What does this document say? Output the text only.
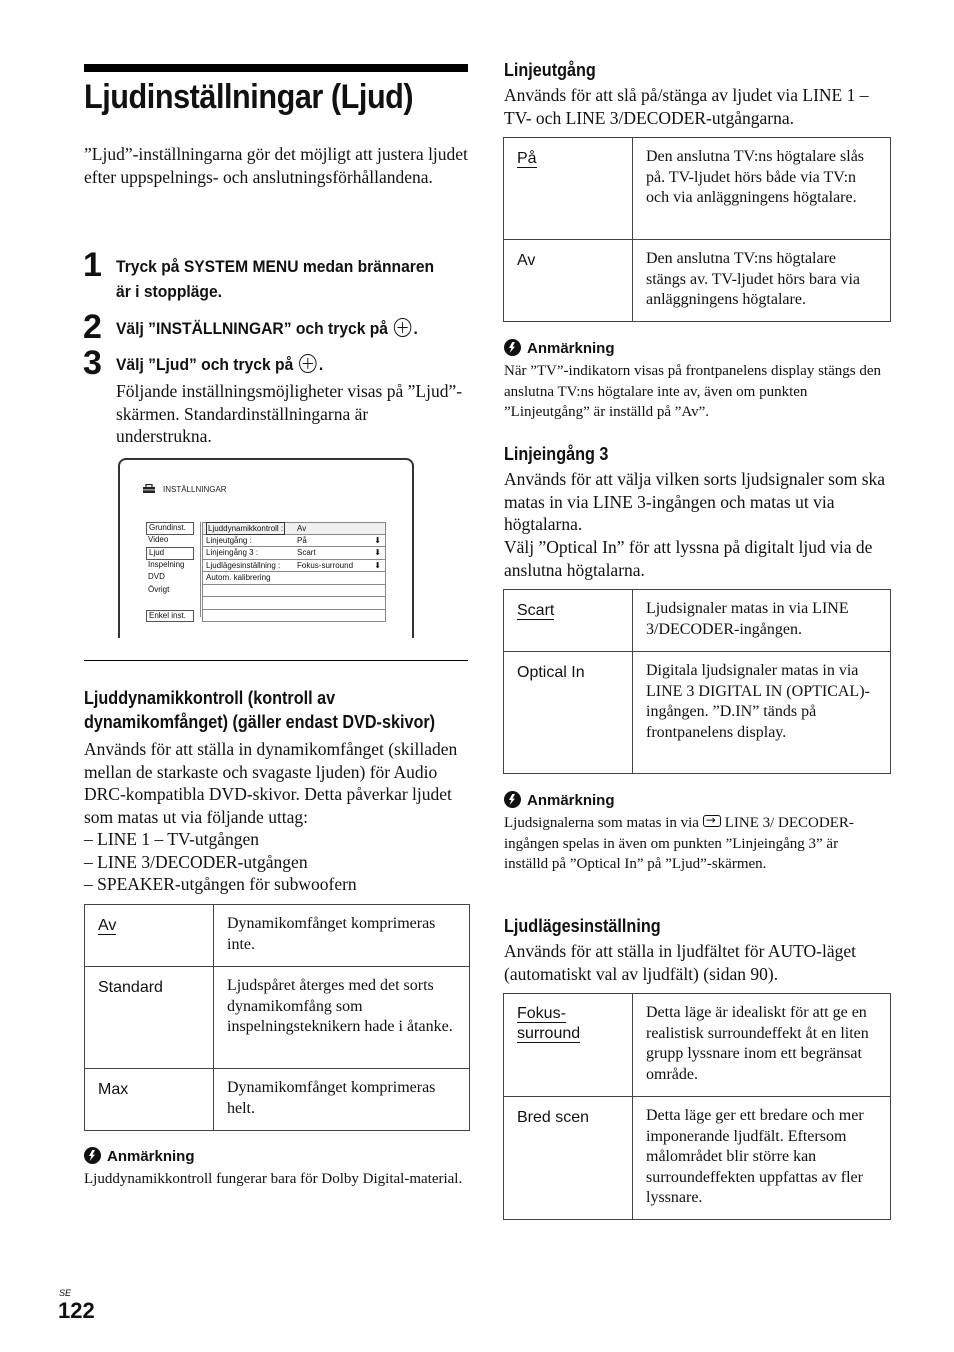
Ljudinställningar (Ljud)
”Ljud”-inställningarna gör det möjligt att justera ljudet efter uppspelnings- och anslutningsförhållandena.
1 Tryck på SYSTEM MENU medan brännaren
är i stoppläge.
2 Välj ”INSTÄLLNINGAR” och tryck på .
3 Välj ”Ljud” och tryck på .
Följande inställningsmöjligheter visas på ”Ljud”-skärmen. Standardinställningarna är understrukna.
INSTÄLLNINGAR
Grundinst.
Video
Ljud
Inspelning
DVD
Övrigt
Enkel inst.
Ljuddynamikkontroll : Av
Linjeutgång :	På	⬇
Linjeingång 3 :	Scart	⬇
Ljudlägesinställning : Fokus-surround	⬇
Autom. kalibrering
Ljuddynamikkontroll (kontroll av
dynamikomfånget) (gäller endast DVD-skivor)
Används för att ställa in dynamikomfånget (skilladen mellan de starkaste och svagaste ljuden) för Audio DRC-kompatibla DVD-skivor. Detta påverkar ljudet som matas ut via följande uttag:
– LINE 1 – TV-utgången
– LINE 3/DECODER-utgången
– SPEAKER-utgången för subwoofern
Av	Dynamikomfånget komprimeras inte.
Standard	Ljudspåret återges med det sorts dynamikomfång som inspelningsteknikern hade i åtanke.
Max	Dynamikomfånget komprimeras helt.
Anmärkning
Ljuddynamikkontroll fungerar bara för Dolby Digital-material.
Linjeutgång
Används för att slå på/stänga av ljudet via LINE 1 – TV- och LINE 3/DECODER-utgångarna.
På	Den anslutna TV:ns högtalare slås på. TV-ljudet hörs både via TV:n och via anläggningens högtalare.
Av	Den anslutna TV:ns högtalare stängs av. TV-ljudet hörs bara via anläggningens högtalare.
Anmärkning
När ”TV”-indikatorn visas på frontpanelens display stängs den anslutna TV:ns högtalare inte av, även om punkten ”Linjeutgång” är inställd på ”Av”.
Linjeingång 3
Används för att välja vilken sorts ljudsignaler som ska matas in via LINE 3-ingången och matas ut via högtalarna.
Välj ”Optical In” för att lyssna på digitalt ljud via de anslutna högtalarna.
Scart	Ljudsignaler matas in via LINE 3/DECODER-ingången.
Optical In	Digitala ljudsignaler matas in via LINE 3 DIGITAL IN (OPTICAL)-ingången. ”D.IN” tänds på frontpanelens display.
Anmärkning
Ljudsignalerna som matas in via → LINE 3/ DECODER-ingången spelas in även om punkten ”Linjeingång 3” är inställd på ”Optical In” på ”Ljud”-skärmen.
Ljudlägesinställning
Används för att ställa in ljudfältet för AUTO-läget (automatiskt val av ljudfält) (sidan 90).
Fokus-
surround	Detta läge är idealiskt för att ge en realistisk surroundeffekt åt en liten grupp lyssnare inom ett begränsat område.
Bred scen	Detta läge ger ett bredare och mer imponerande ljudfält. Eftersom målområdet blir större kan surroundeffekten uppfattas av fler lyssnare.
SE
122
